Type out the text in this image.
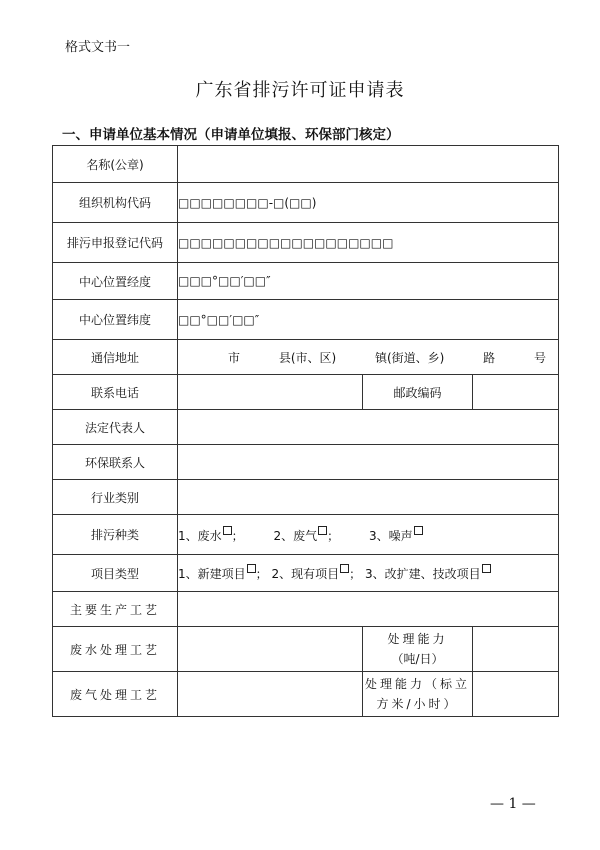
格式文书一
广东省排污许可证申请表
一、申请单位基本情况（申请单位填报、环保部门核定）
名称(公章)			
组织机构代码	□□□□□□□□-□(□□)		
排污申报登记代码	□□□□□□□□□□□□□□□□□□□		
中心位置经度	□□□°□□′□□″		
中心位置纬度	□□°□□′□□″		
通信地址	市 县(市、区) 镇(街道、乡) 路 号		

联系电话		邮政编码	
法定代表人			
环保联系人			
行业类别			
排污种类	1、废水 ； 2、废气 ； 3、噪声		
项目类型	1、新建项目 ； 2、现有项目 ； 3、改扩建、技改项目		
主要生产工艺			
废水处理工艺		处理能力
（吨/日）	

废气处理工艺		处理能力（标立
方米/小时）	

— 1 —
